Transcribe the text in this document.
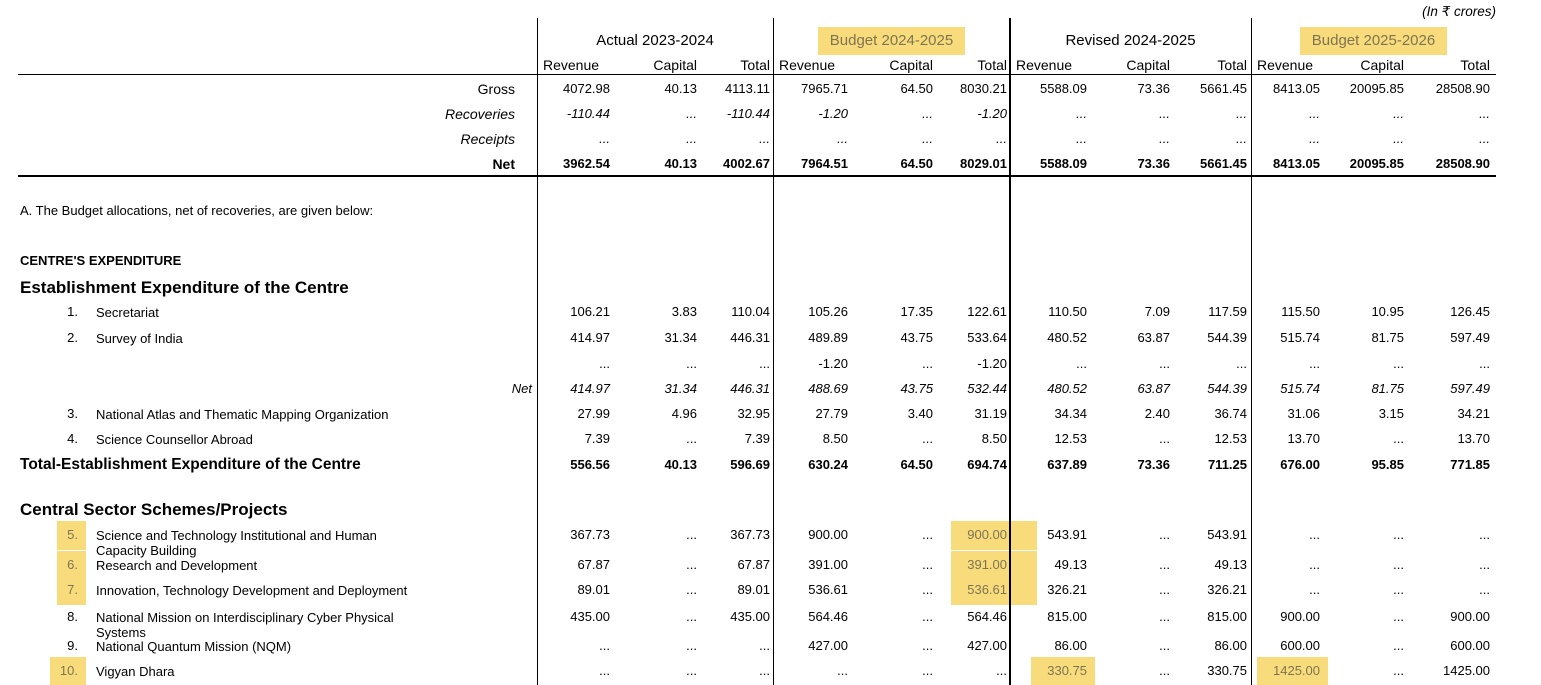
(In ₹ crores)
Actual 2023-2024
Revenue	Capital	Total
Budget 2024-2025
Revenue	Capital	Total
Revised 2024-2025
Revenue	Capital	Total
Budget 2025-2026
Revenue	Capital	Total
Gross	4072.98	40.13	4113.11	7965.71	64.50	8030.21	5588.09	73.36	5661.45	8413.05	20095.85	28508.90
Recoveries	-110.44	...	-110.44	-1.20	...	-1.20	...	...	...	...	...	...
Receipts	...	...	...	...	...	...	...	...	...	...	...	...
Net	3962.54	40.13	4002.67	7964.51	64.50	8029.01	5588.09	73.36	5661.45	8413.05	20095.85	28508.90
A. The Budget allocations, net of recoveries, are given below:
CENTRE'S EXPENDITURE
Establishment Expenditure of the Centre
1. Secretariat	106.21	3.83	110.04	105.26	17.35	122.61	110.50	7.09	117.59	115.50	10.95	126.45
2. Survey of India	414.97	31.34	446.31	489.89	43.75	533.64	480.52	63.87	544.39	515.74	81.75	597.49
...	...	...	-1.20	...	-1.20	...	...	...	...	...	...
Net	414.97	31.34	446.31	488.69	43.75	532.44	480.52	63.87	544.39	515.74	81.75	597.49
3. National Atlas and Thematic Mapping Organization	27.99	4.96	32.95	27.79	3.40	31.19	34.34	2.40	36.74	31.06	3.15	34.21
4. Science Counsellor Abroad	7.39	...	7.39	8.50	...	8.50	12.53	...	12.53	13.70	...	13.70
Total-Establishment Expenditure of the Centre	556.56	40.13	596.69	630.24	64.50	694.74	637.89	73.36	711.25	676.00	95.85	771.85
Central Sector Schemes/Projects
5. Science and Technology Institutional and Human
Capacity Building
367.73	...	367.73	900.00	...	900.00	543.91	...	543.91	...	...	...
6. Research and Development	67.87	...	67.87	391.00	...	391.00	49.13	...	49.13	...	...	...
7. Innovation, Technology Development and Deployment	89.01	...	89.01	536.61	...	536.61	326.21	...	326.21	...	...	...
8. National Mission on Interdisciplinary Cyber Physical
Systems
435.00	...	435.00	564.46	...	564.46	815.00	...	815.00	900.00	...	900.00
9. National Quantum Mission (NQM)	...	...	...	427.00	...	427.00	86.00	...	86.00	600.00	...	600.00
10. Vigyan Dhara	...	...	...	...	...	...	330.75	...	330.75	1425.00	...	1425.00
